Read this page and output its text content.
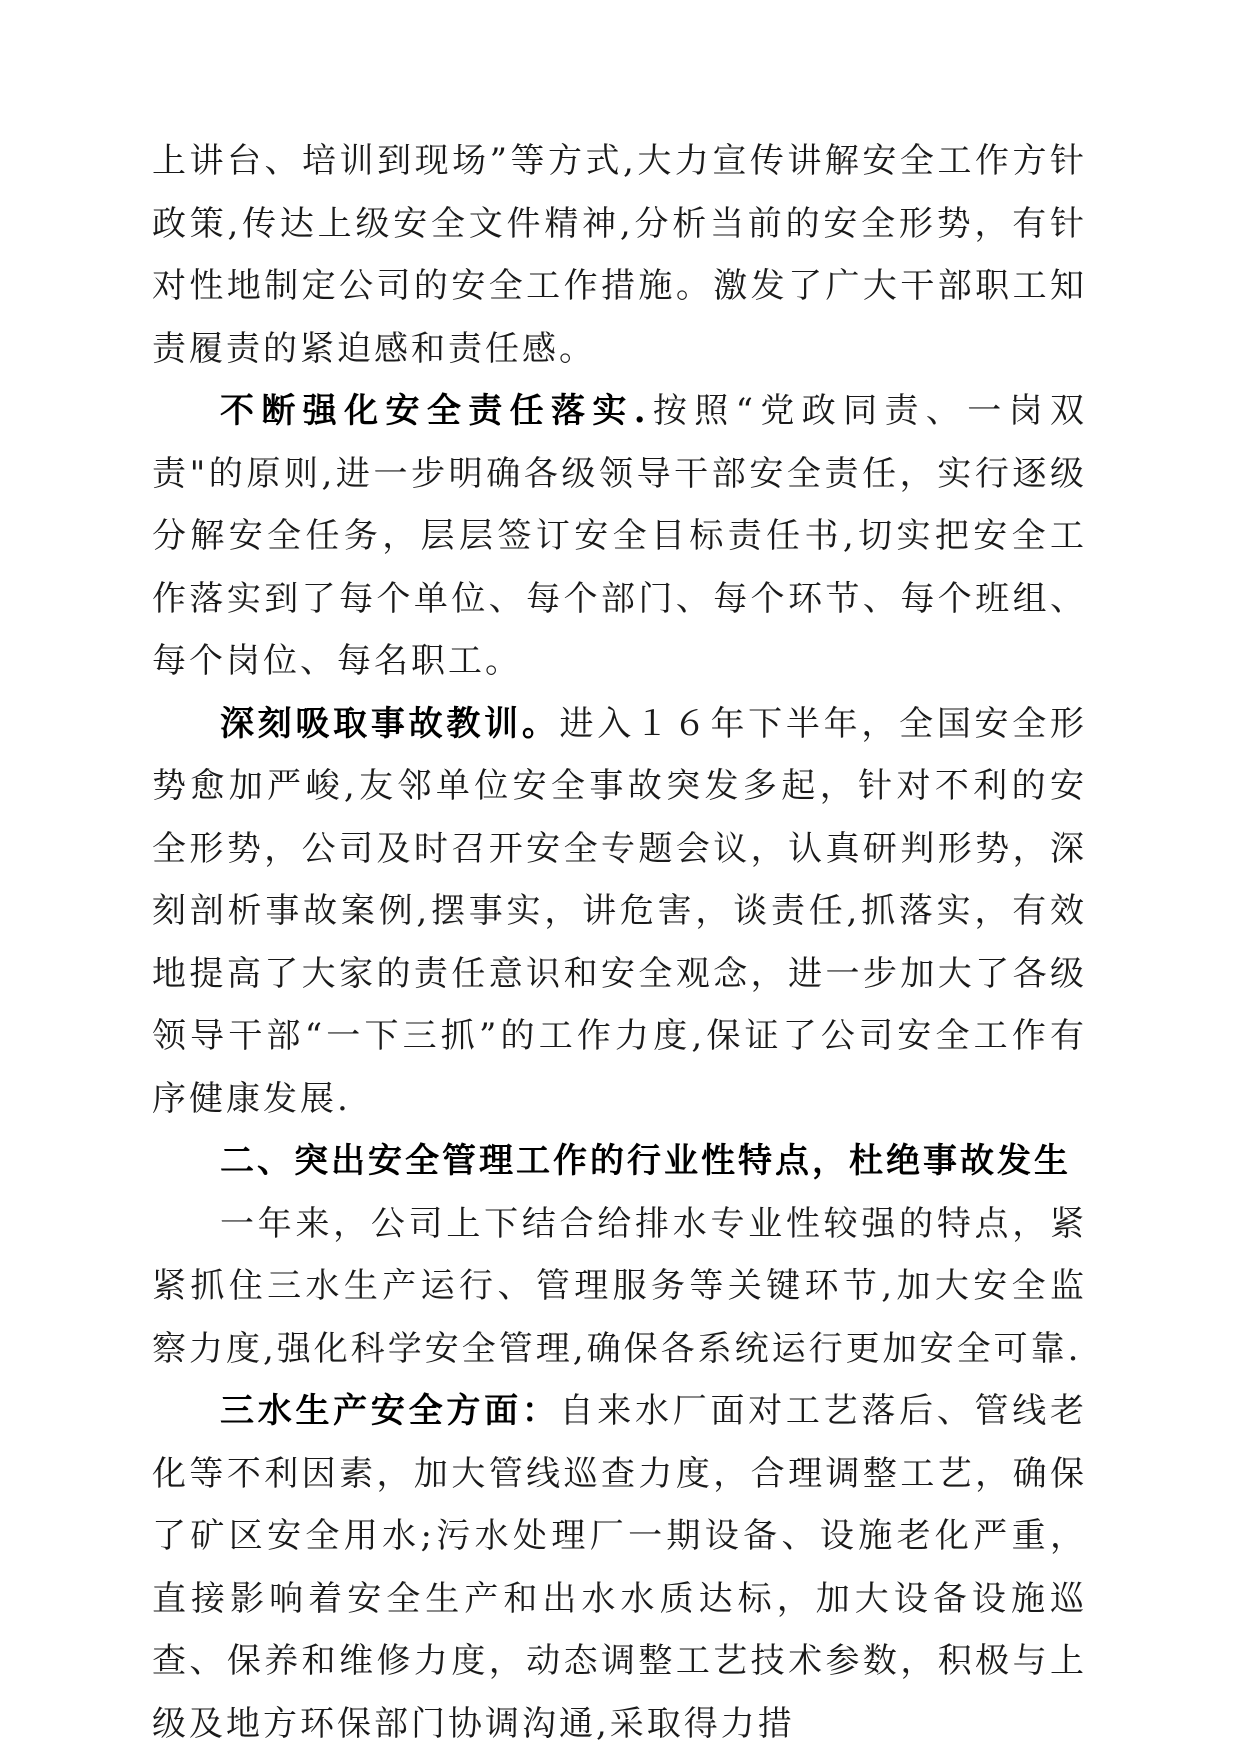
上讲台、培训到现场”等方式,大力宣传讲解安全工作方针政策,传达上级安全文件精神,分析当前的安全形势，有针对性地制定公司的安全工作措施。激发了广大干部职工知责履责的紧迫感和责任感。

不断强化安全责任落实.按照“党政同责、一岗双责"的原则,进一步明确各级领导干部安全责任，实行逐级分解安全任务，层层签订安全目标责任书,切实把安全工作落实到了每个单位、每个部门、每个环节、每个班组、每个岗位、每名职工。

深刻吸取事故教训。进入１６年下半年，全国安全形势愈加严峻,友邻单位安全事故突发多起，针对不利的安全形势，公司及时召开安全专题会议，认真研判形势，深刻剖析事故案例,摆事实，讲危害，谈责任,抓落实，有效地提高了大家的责任意识和安全观念，进一步加大了各级领导干部“一下三抓”的工作力度,保证了公司安全工作有序健康发展.

二、突出安全管理工作的行业性特点，杜绝事故发生

一年来，公司上下结合给排水专业性较强的特点，紧紧抓住三水生产运行、管理服务等关键环节,加大安全监察力度,强化科学安全管理,确保各系统运行更加安全可靠.

三水生产安全方面：自来水厂面对工艺落后、管线老化等不利因素，加大管线巡查力度，合理调整工艺，确保了矿区安全用水;污水处理厂一期设备、设施老化严重，直接影响着安全生产和出水水质达标，加大设备设施巡查、保养和维修力度，动态调整工艺技术参数，积极与上级及地方环保部门协调沟通,采取得力措
